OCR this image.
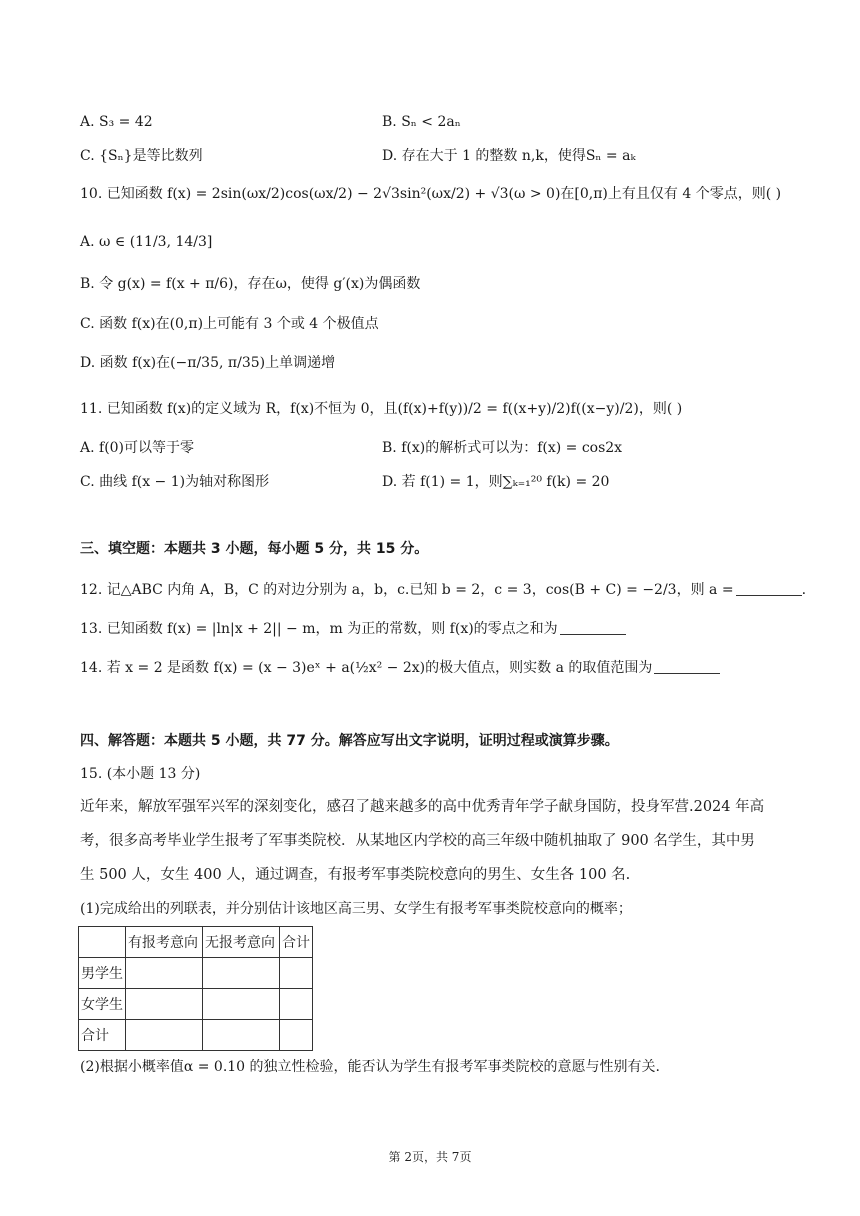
A. S₃ = 42	B. Sₙ < 2aₙ
C. {Sₙ}是等比数列	D. 存在大于 1 的整数 n,k，使得Sₙ = aₖ
10. 已知函数 f(x) = 2sin(ωx/2)cos(ωx/2) − 2√3sin²(ωx/2) + √3(ω > 0)在[0,π)上有且仅有 4 个零点，则( )
A. ω ∈ (11/3, 14/3]
B. 令 g(x) = f(x + π/6)，存在ω，使得 g′(x)为偶函数
C. 函数 f(x)在(0,π)上可能有 3 个或 4 个极值点
D. 函数 f(x)在(−π/35, π/35)上单调递增
11. 已知函数 f(x)的定义域为 R，f(x)不恒为 0，且(f(x)+f(y))/2 = f((x+y)/2)f((x−y)/2)，则( )
A. f(0)可以等于零	B. f(x)的解析式可以为：f(x) = cos2x
C. 曲线 f(x − 1)为轴对称图形	D. 若 f(1) = 1，则∑ₖ₌₁²⁰ f(k) = 20
三、填空题：本题共 3 小题，每小题 5 分，共 15 分。
12. 记△ABC 内角 A，B，C 的对边分别为 a，b，c.已知 b = 2，c = 3，cos(B + C) = −2/3，则 a =	.
13. 已知函数 f(x) = |ln|x + 2|| − m，m 为正的常数，则 f(x)的零点之和为
14. 若 x = 2 是函数 f(x) = (x − 3)eˣ + a(½x² − 2x)的极大值点，则实数 a 的取值范围为
四、解答题：本题共 5 小题，共 77 分。解答应写出文字说明，证明过程或演算步骤。
15. (本小题 13 分)
近年来，解放军强军兴军的深刻变化，感召了越来越多的高中优秀青年学子献身国防，投身军营.2024 年高
考，很多高考毕业学生报考了军事类院校．从某地区内学校的高三年级中随机抽取了 900 名学生，其中男
生 500 人，女生 400 人，通过调查，有报考军事类院校意向的男生、女生各 100 名.
(1)完成给出的列联表，并分别估计该地区高三男、女学生有报考军事类院校意向的概率；
	有报考意向	无报考意向	合计
男学生			
女学生			
合计			
(2)根据小概率值α = 0.10 的独立性检验，能否认为学生有报考军事类院校的意愿与性别有关.
第 2页，共 7页
